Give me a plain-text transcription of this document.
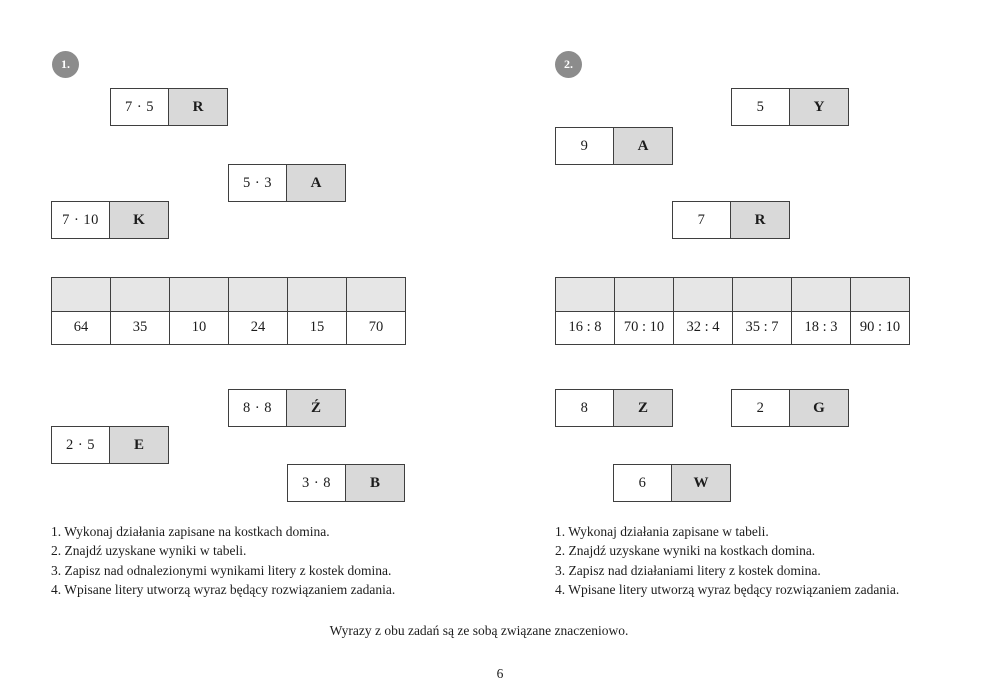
1.
7 · 5	R
5 · 3	A
7 · 10	K

64	35	10	24	15	70
8 · 8	Ź
2 · 5	E
3 · 8	B
1. Wykonaj działania zapisane na kostkach domina.
2. Znajdź uzyskane wyniki w tabeli.
3. Zapisz nad odnalezionymi wynikami litery z kostek domina.
4. Wpisane litery utworzą wyraz będący rozwiązaniem zadania.
2.
5	Y
9	A
7	R

16 : 8	70 : 10	32 : 4	35 : 7	18 : 3	90 : 10
8	Z	2	G
6	W
1. Wykonaj działania zapisane w tabeli.
2. Znajdź uzyskane wyniki na kostkach domina.
3. Zapisz nad działaniami litery z kostek domina.
4. Wpisane litery utworzą wyraz będący rozwiązaniem zadania.
Wyrazy z obu zadań są ze sobą związane znaczeniowo.
6
